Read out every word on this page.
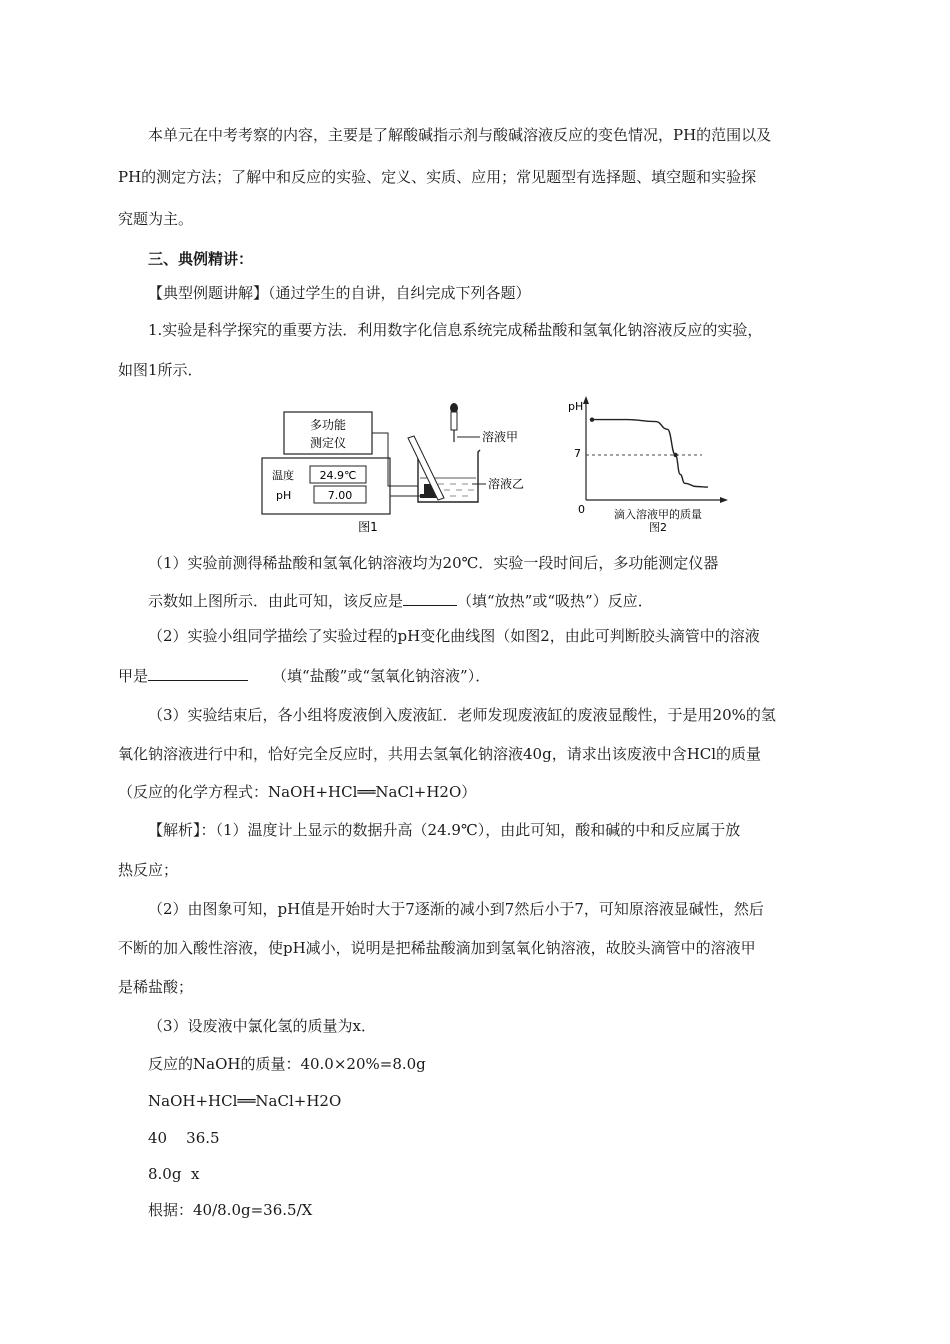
本单元在中考考察的内容，主要是了解酸碱指示剂与酸碱溶液反应的变色情况，PH的范围以及
PH的测定方法；了解中和反应的实验、定义、实质、应用；常见题型有选择题、填空题和实验探
究题为主。
三、典例精讲：
【典型例题讲解】（通过学生的自讲，自纠完成下列各题）
1.实验是科学探究的重要方法．利用数字化信息系统完成稀盐酸和氢氧化钠溶液反应的实验，
如图1所示．
多功能
测定仪
温度 24.9℃
pH	7.00
溶液甲
溶液乙
图1
pH
0
7
滴入溶液甲的质量
图2
（1）实验前测得稀盐酸和氢氧化钠溶液均为20℃．实验一段时间后，多功能测定仪器
示数如上图所示．由此可知，该反应是	（填“放热”或“吸热”）反应．
（2）实验小组同学描绘了实验过程的pH变化曲线图（如图2，由此可判断胶头滴管中的溶液
甲是	（填“盐酸”或“氢氧化钠溶液”）．
（3）实验结束后，各小组将废液倒入废液缸．老师发现废液缸的废液显酸性，于是用20%的氢
氧化钠溶液进行中和，恰好完全反应时，共用去氢氧化钠溶液40g，请求出该废液中含HCl的质量
（反应的化学方程式：NaOH+HCl══NaCl+H2O）
【解析】：（1）温度计上显示的数据升高（24.9℃），由此可知，酸和碱的中和反应属于放
热反应；
（2）由图象可知，pH值是开始时大于7逐渐的减小到7然后小于7，可知原溶液显碱性，然后
不断的加入酸性溶液，使pH减小，说明是把稀盐酸滴加到氢氧化钠溶液，故胶头滴管中的溶液甲
是稀盐酸；
（3）设废液中氯化氢的质量为x．
反应的NaOH的质量：40.0×20%=8.0g
NaOH+HCl══NaCl+H2O
40    36.5
8.0g  x
根据：40/8.0g=36.5/X
